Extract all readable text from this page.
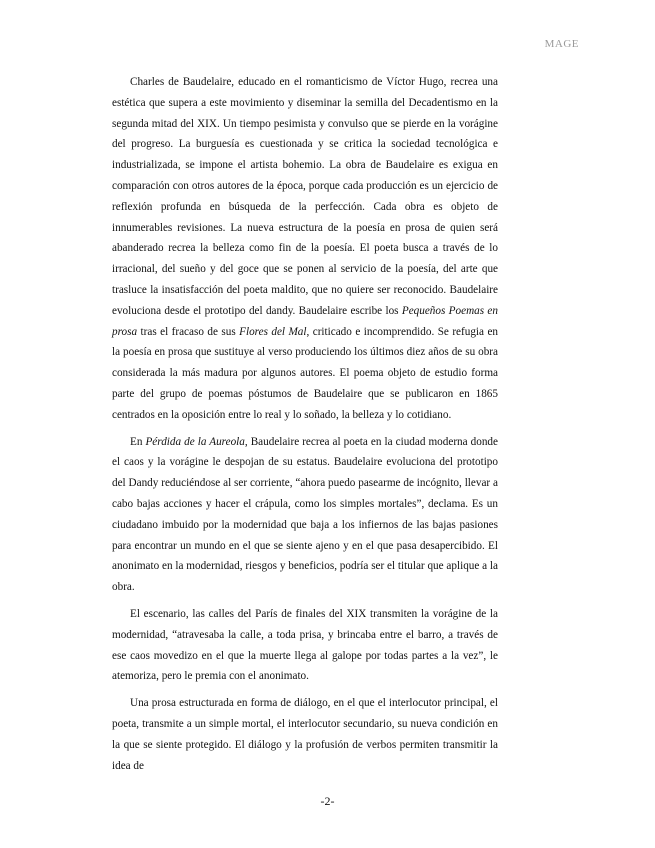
MAGE

Charles de Baudelaire, educado en el romanticismo de Víctor Hugo, recrea una estética que supera a este movimiento y diseminar la semilla del Decadentismo en la segunda mitad del XIX. Un tiempo pesimista y convulso que se pierde en la vorágine del progreso. La burguesía es cuestionada y se critica la sociedad tecnológica e industrializada, se impone el artista bohemio. La obra de Baudelaire es exigua en comparación con otros autores de la época, porque cada producción es un ejercicio de reflexión profunda en búsqueda de la perfección. Cada obra es objeto de innumerables revisiones. La nueva estructura de la poesía en prosa de quien será abanderado recrea la belleza como fin de la poesía. El poeta busca a través de lo irracional, del sueño y del goce que se ponen al servicio de la poesía, del arte que traslucе la insatisfacción del poeta maldito, que no quiere ser reconocido. Baudelaire evoluciona desde el prototipo del dandy. Baudelaire escribe los Pequeños Poemas en prosa tras el fracaso de sus Flores del Mal, criticado e incomprendido. Se refugia en la poesía en prosa que sustituye al verso produciendo los últimos diez años de su obra considerada la más madura por algunos autores. El poema objeto de estudio forma parte del grupo de poemas póstumos de Baudelaire que se publicaron en 1865 centrados en la oposición entre lo real y lo soñado, la belleza y lo cotidiano.

En Pérdida de la Aureola, Baudelaire recrea al poeta en la ciudad moderna donde el caos y la vorágine le despojan de su estatus. Baudelaire evoluciona del prototipo del Dandy reduciéndose al ser corriente, “ahora puedo pasearme de incógnito, llevar a cabo bajas acciones y hacer el crápula, como los simples mortales”, declama. Es un ciudadano imbuido por la modernidad que baja a los infiernos de las bajas pasiones para encontrar un mundo en el que se siente ajeno y en el que pasa desapercibido. El anonimato en la modernidad, riesgos y beneficios, podría ser el titular que aplique a la obra.

El escenario, las calles del París de finales del XIX transmiten la vorágine de la modernidad, “atravesaba la calle, a toda prisa, y brincaba entre el barro, a través de ese caos movedizo en el que la muerte llega al galope por todas partes a la vez”, le atemoriza, pero le premia con el anonimato.

Una prosa estructurada en forma de diálogo, en el que el interlocutor principal, el poeta, transmite a un simple mortal, el interlocutor secundario, su nueva condición en la que se siente protegido. El diálogo y la profusión de verbos permiten transmitir la idea de

-2-
